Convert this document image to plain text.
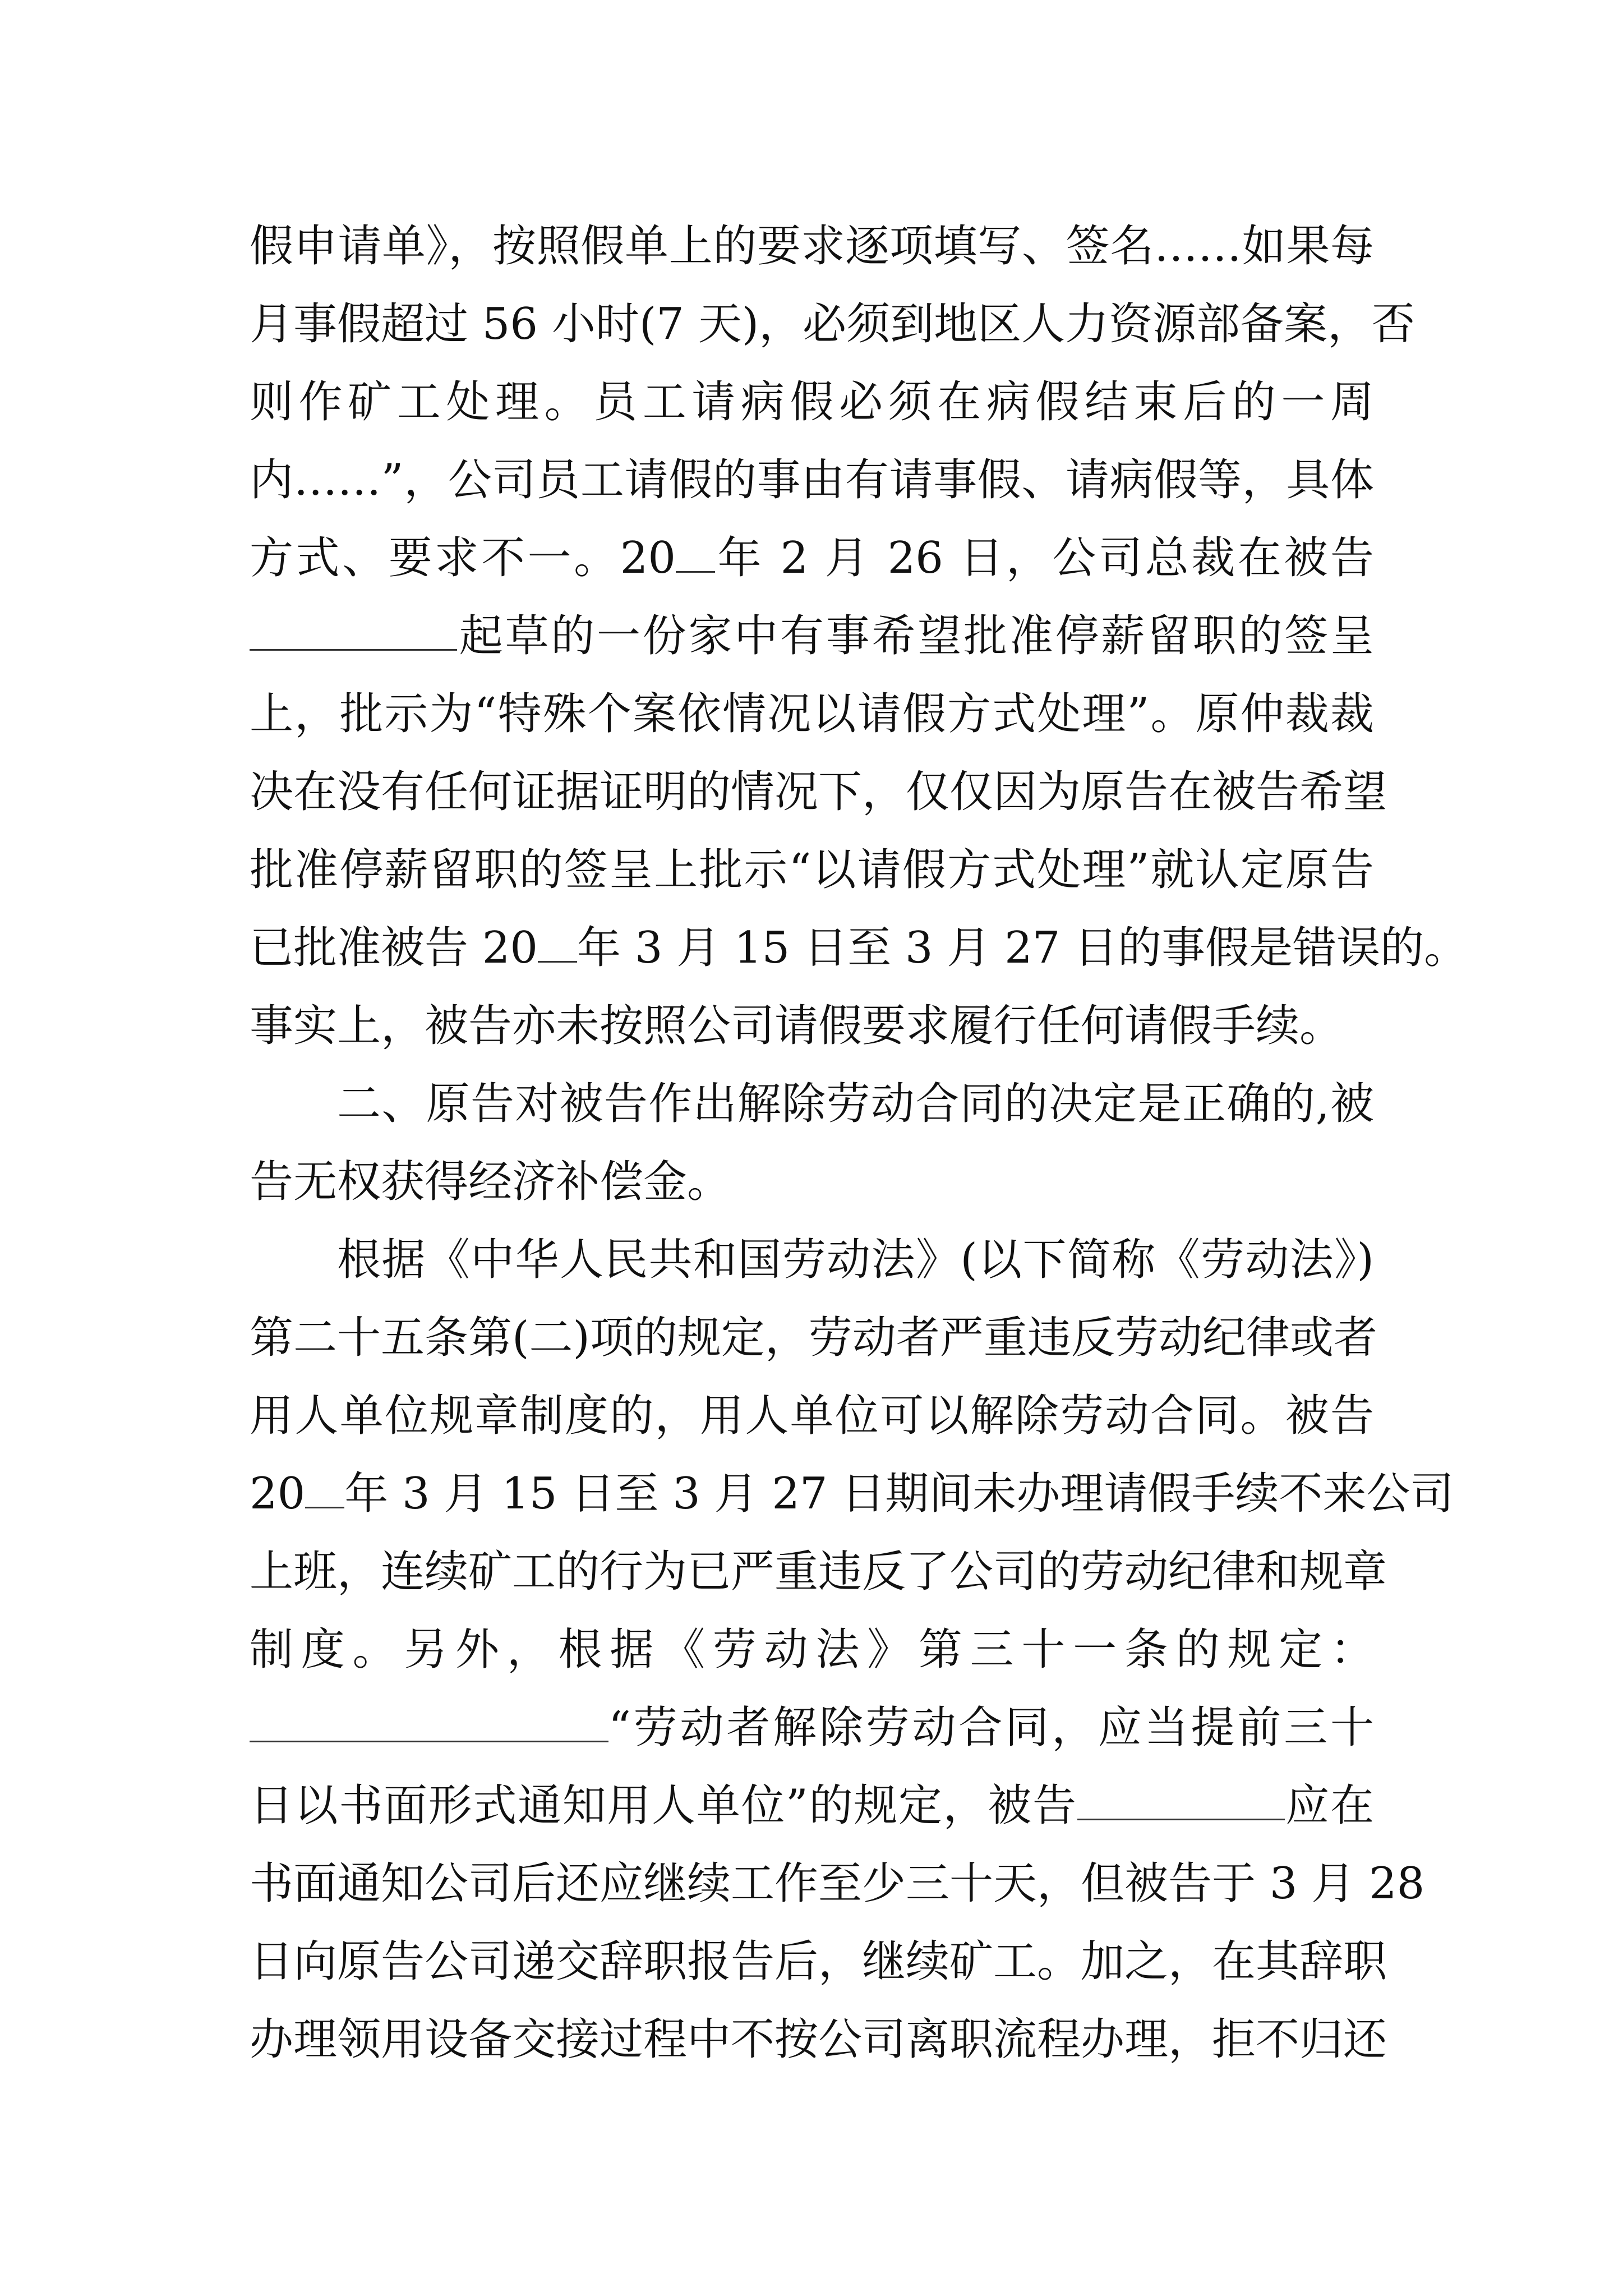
假申请单》，按照假单上的要求逐项填写、签名……如果每
月事假超过 56 小时(7 天)，必须到地区人力资源部备案，否
则作矿工处理。员工请病假必须在病假结束后的一周
内……”，公司员工请假的事由有请事假、请病假等，具体
方式、要求不一。20 年 2 月 26 日，公司总裁在被告
起草的一份家中有事希望批准停薪留职的签呈
上，批示为“特殊个案依情况以请假方式处理”。原仲裁裁
决在没有任何证据证明的情况下，仅仅因为原告在被告希望
批准停薪留职的签呈上批示“以请假方式处理”就认定原告
已批准被告 20 年 3 月 15 日至 3 月 27 日的事假是错误的。
事实上，被告亦未按照公司请假要求履行任何请假手续。
二、原告对被告作出解除劳动合同的决定是正确的,被
告无权获得经济补偿金。
根据《中华人民共和国劳动法》(以下简称《劳动法》)
第二十五条第(二)项的规定，劳动者严重违反劳动纪律或者
用人单位规章制度的，用人单位可以解除劳动合同。被告
20 年 3 月 15 日至 3 月 27 日期间未办理请假手续不来公司
上班，连续矿工的行为已严重违反了公司的劳动纪律和规章
制度。另外，根据《劳动法》第三十一条的规定：
“劳动者解除劳动合同，应当提前三十
日以书面形式通知用人单位”的规定，被告	应在
书面通知公司后还应继续工作至少三十天，但被告于 3 月 28
日向原告公司递交辞职报告后，继续矿工。加之，在其辞职
办理领用设备交接过程中不按公司离职流程办理，拒不归还
